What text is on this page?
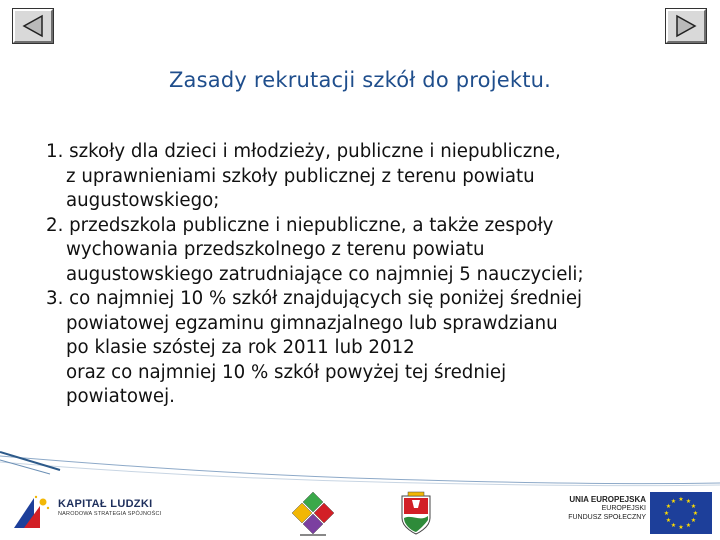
Zasady rekrutacji szkół do projektu.

1. szkoły dla dzieci i młodzieży, publiczne i niepubliczne,
z uprawnieniami szkoły publicznej z terenu powiatu
augustowskiego;

2. przedszkola publiczne i niepubliczne, a także zespoły
wychowania przedszkolnego z terenu powiatu
augustowskiego zatrudniające co najmniej 5 nauczycieli;

3. co najmniej 10 % szkół znajdujących się poniżej średniej
powiatowej egzaminu gimnazjalnego lub sprawdzianu
po klasie szóstej za rok 2011 lub 2012
oraz co najmniej 10 % szkół powyżej tej średniej
powiatowej.

KAPITAŁ LUDZKI
NARODOWA STRATEGIA SPÓJNOŚCI
UNIA EUROPEJSKA
EUROPEJSKI
FUNDUSZ SPOŁECZNY
★ ★
★
★
★
★
★
★
★
★
★
★
